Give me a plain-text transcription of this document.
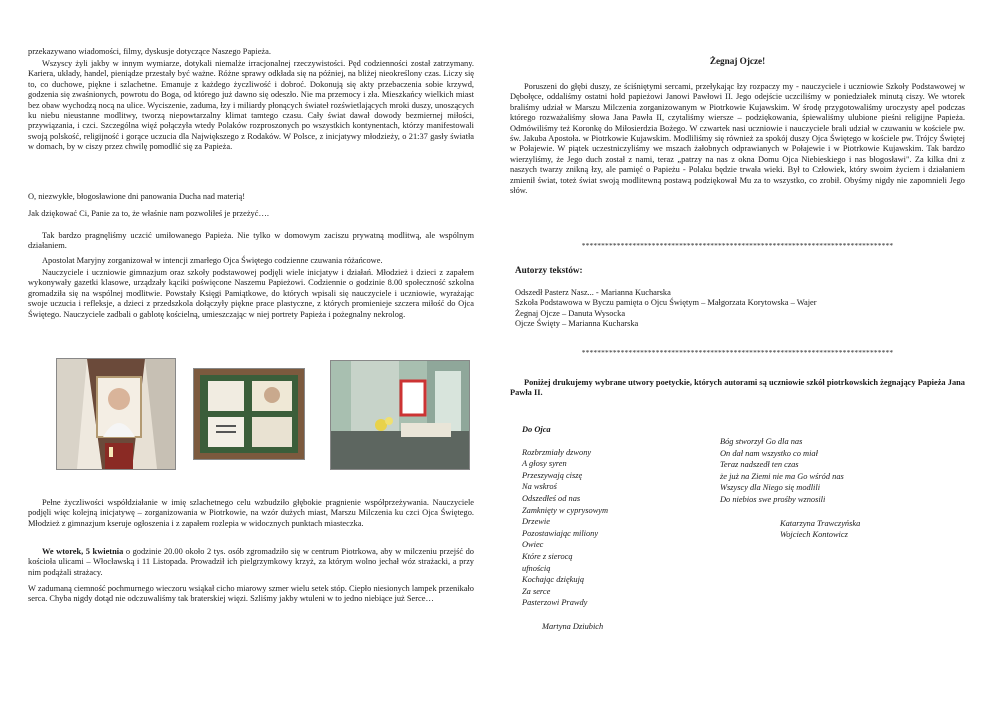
przekazywano wiadomości, filmy, dyskusje dotyczące Naszego Papieża.

Wszyscy żyli jakby w innym wymiarze, dotykali niemalże irracjonalnej rzeczywistości. Pęd codzienności został zatrzymany. Kariera, układy, handel, pieniądze przestały być ważne. Różne sprawy odkłada się na później, na bliżej nieokreślony czas. Liczy się to, co duchowe, piękne i szlachetne. Emanuje z każdego życzliwość i dobroć. Dokonują się akty przebaczenia sobie krzywd, godzenia się zwaśnionych, powrotu do Boga, od którego już dawno się odeszło. Nie ma przemocy i zła. Mieszkańcy wielkich miast bez obaw wychodzą nocą na ulice. Wyciszenie, zaduma, łzy i miliardy płonących świateł rozświetlających mroki duszy, unoszących ku niebu nieustanne modlitwy, tworzą niepowtarzalny klimat tamtego czasu. Cały świat dawał dowody bezmiernej miłości, przywiązania, i czci. Szczególna więź połączyła wtedy Polaków rozproszonych po wszystkich kontynentach, którzy manifestowali swoją polskość, religijność i gorące uczucia dla Największego z Rodaków. W Polsce, z inicjatywy młodzieży, o 21:37 gasły światła w domach, by w ciszy przez chwilę pomodlić się za Papieża.

O, niezwykłe, błogosławione dni panowania Ducha nad materią!

Jak dziękować Ci, Panie za to, że właśnie nam pozwoliłeś je przeżyć….

Tak bardzo pragnęliśmy uczcić umiłowanego Papieża. Nie tylko w domowym zaciszu prywatną modlitwą, ale wspólnym działaniem.

Apostolat Maryjny zorganizował w intencji zmarłego Ojca Świętego codzienne czuwania różańcowe.

Nauczyciele i uczniowie gimnazjum oraz szkoły podstawowej podjęli wiele inicjatyw i działań. Młodzież i dzieci z zapałem wykonywały gazetki klasowe, urządzały kąciki poświęcone Naszemu Papieżowi. Codziennie o godzinie 8.00 społeczność szkolna gromadziła się na wspólnej modlitwie. Powstały Księgi Pamiątkowe, do których wpisali się nauczyciele i uczniowie, wyrażając swoje uczucia i refleksje, a dzieci z przedszkola dołączyły piękne prace plastyczne, z których promienieje szczera miłość do Ojca Świętego. Nauczyciele zadbali o gablotę kościelną, umieszczając w niej portrety Papieża i pożegnalny nekrolog.

Pełne życzliwości współdziałanie w imię szlachetnego celu wzbudziło głębokie pragnienie współprzeżywania. Nauczyciele podjęli więc kolejną inicjatywę – zorganizowania w Piotrkowie, na wzór dużych miast, Marszu Milczenia ku czci Ojca Świętego. Młodzież z gimnazjum kseruje ogłoszenia i z zapałem rozlepia w widocznych punktach miasteczka.

We wtorek, 5 kwietnia o godzinie 20.00 około 2 tys. osób zgromadziło się w centrum Piotrkowa, aby w milczeniu przejść do kościoła ulicami – Włocławską i 11 Listopada. Prowadził ich pielgrzymkowy krzyż, za którym wolno jechał wóz strażacki, a przy nim podążali strażacy.

W zadumaną ciemność pochmurnego wieczoru wsiąkał cicho miarowy szmer wielu setek stóp. Ciepło niesionych lampek przenikało serca. Chyba nigdy dotąd nie odczuwaliśmy tak braterskiej więzi. Szliśmy jakby wtuleni w to jedno niebiące już Serce…

Żegnaj Ojcze!

Poruszeni do głębi duszy, ze ściśniętymi sercami, przełykając łzy rozpaczy my - nauczyciele i uczniowie Szkoły Podstawowej w Dębołęce, oddaliśmy ostatni hołd papieżowi Janowi Pawłowi II. Jego odejście uczciliśmy w poniedziałek minutą ciszy. We wtorek braliśmy udział w Marszu Milczenia zorganizowanym w Piotrkowie Kujawskim. W środę przygotowaliśmy uroczysty apel podczas którego rozważaliśmy słowa Jana Pawła II, czytaliśmy wiersze – podziękowania, śpiewaliśmy ulubione pieśni religijne Papieża. Odmówiliśmy też Koronkę do Miłosierdzia Bożego. W czwartek nasi uczniowie i nauczyciele brali udział w czuwaniu w kościele pw. św. Jakuba Apostoła. w Piotrkowie Kujawskim. Modliliśmy się również za spokój duszy Ojca Świętego w kościele pw. Trójcy Świętej w Połajewie. W piątek uczestniczyliśmy we mszach żałobnych odprawianych w Połajewie i w Piotrkowie Kujawskim. Tak bardzo wierzyliśmy, że Jego duch został z nami, teraz „patrzy na nas z okna Domu Ojca Niebieskiego i nas błogosławi". Za kilka dni z naszych twarzy znikną łzy, ale pamięć o Papieżu - Polaku będzie trwała wieki. Był to Człowiek, który swoim życiem i działaniem zmienił świat, toteż świat swoją modlitewną postawą podziękował Mu za to wszystko, co zrobił. Obyśmy nigdy nie zapomnieli Jego słów.

********************************************************************************

Autorzy tekstów:

Odszedł Pasterz Nasz... - Marianna Kucharska

Szkoła Podstawowa w Byczu pamięta o Ojcu Świętym – Małgorzata Korytowska – Wajer

Żegnaj Ojcze – Danuta Wysocka

Ojcze Święty – Marianna Kucharska

********************************************************************************

Poniżej drukujemy wybrane utwory poetyckie, których autorami są uczniowie szkół piotrkowskich żegnający Papieża Jana Pawła II.

Do Ojca
Rozbrzmiały dzwony
A głosy syren
Przeszywają ciszę
Na wskroś
Odszedłeś od nas
Zamknięty w cyprysowym
Drzewie
Pozostawiając miliony
Owiec
Które z sierocą
ufnością
Kochając dziękują
Za serce
Pasterzowi Prawdy
Martyna Dziubich
Bóg stworzył Go dla nas
On dał nam wszystko co miał
Teraz nadszedł ten czas
że już na Ziemi nie ma Go wśród nas
Wszyscy dla Niego się modlili
Do niebios swe prośby wznosili
Katarzyna Trawczyńska
Wojciech Kontowicz
